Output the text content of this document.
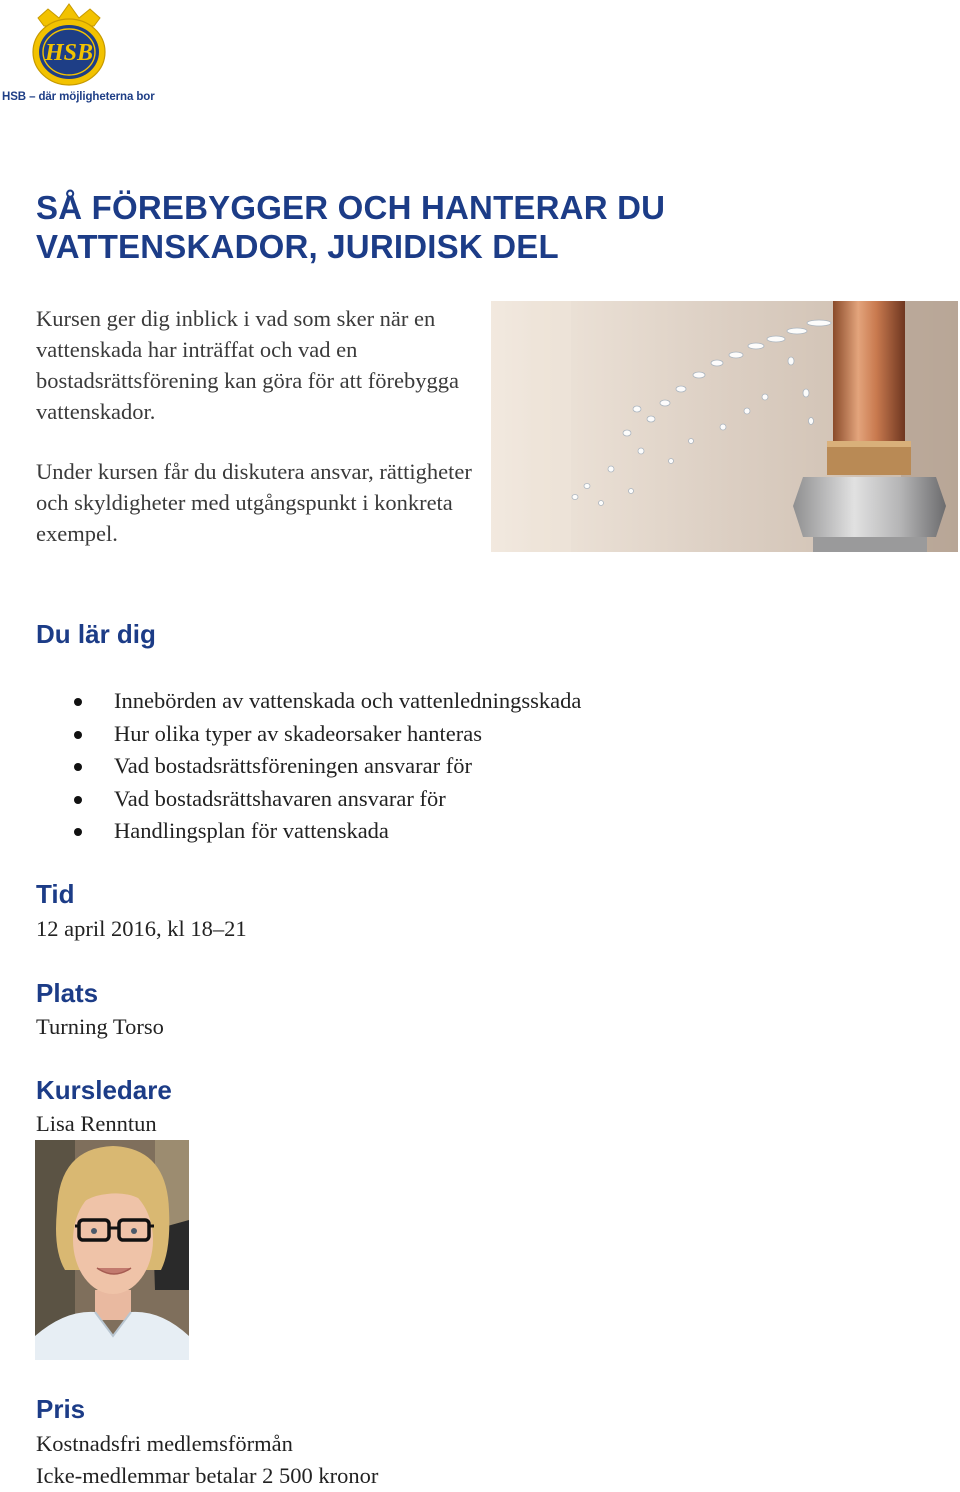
HSB
HSB – där möjligheterna bor
SÅ FÖREBYGGER OCH HANTERAR DU VATTENSKADOR, JURIDISK DEL

Kursen ger dig inblick i vad som sker när en vattenskada har inträffat och vad en bostadsrättsförening kan göra för att förebygga vattenskador.

Under kursen får du diskutera ansvar, rättigheter och skyldigheter med utgångspunkt i konkreta exempel.

Du lär dig
Innebörden av vattenskada och vattenledningsskada
Hur olika typer av skadeorsaker hanteras
Vad bostadsrättsföreningen ansvarar för
Vad bostadsrättshavaren ansvarar för
Handlingsplan för vattenskada
Tid
12 april 2016, kl 18–21
Plats
Turning Torso
Kursledare
Lisa Renntun
Pris
Kostnadsfri medlemsförmån
Icke-medlemmar betalar 2 500 kronor
